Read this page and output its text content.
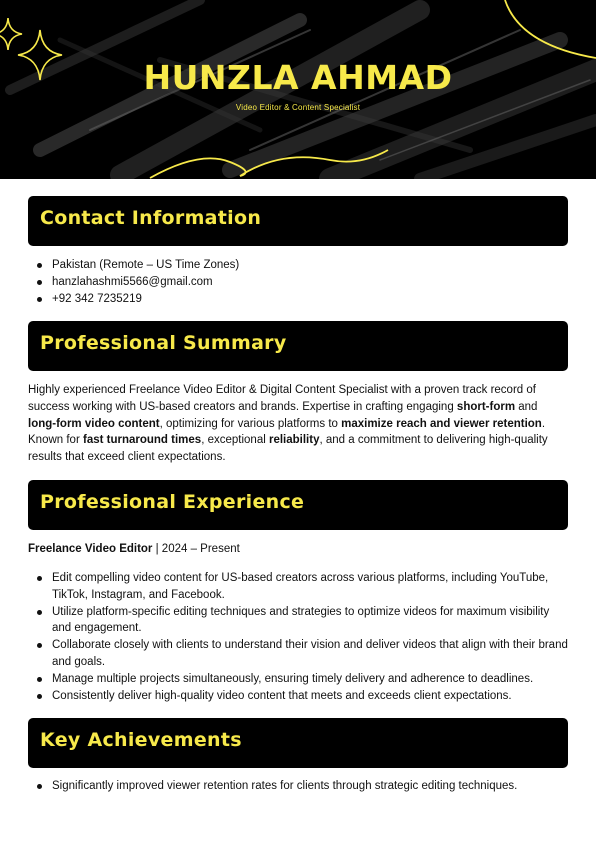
HUNZLA AHMAD
Video Editor & Content Specialist
Contact Information
Pakistan (Remote – US Time Zones)
hanzlahashmi5566@gmail.com
+92 342 7235219
Professional Summary
Highly experienced Freelance Video Editor & Digital Content Specialist with a proven track record of success working with US-based creators and brands. Expertise in crafting engaging short-form and long-form video content, optimizing for various platforms to maximize reach and viewer retention. Known for fast turnaround times, exceptional reliability, and a commitment to delivering high-quality results that exceed client expectations.
Professional Experience
Freelance Video Editor | 2024 – Present
Edit compelling video content for US-based creators across various platforms, including YouTube, TikTok, Instagram, and Facebook.
Utilize platform-specific editing techniques and strategies to optimize videos for maximum visibility and engagement.
Collaborate closely with clients to understand their vision and deliver videos that align with their brand and goals.
Manage multiple projects simultaneously, ensuring timely delivery and adherence to deadlines.
Consistently deliver high-quality video content that meets and exceeds client expectations.
Key Achievements
Significantly improved viewer retention rates for clients through strategic editing techniques.
